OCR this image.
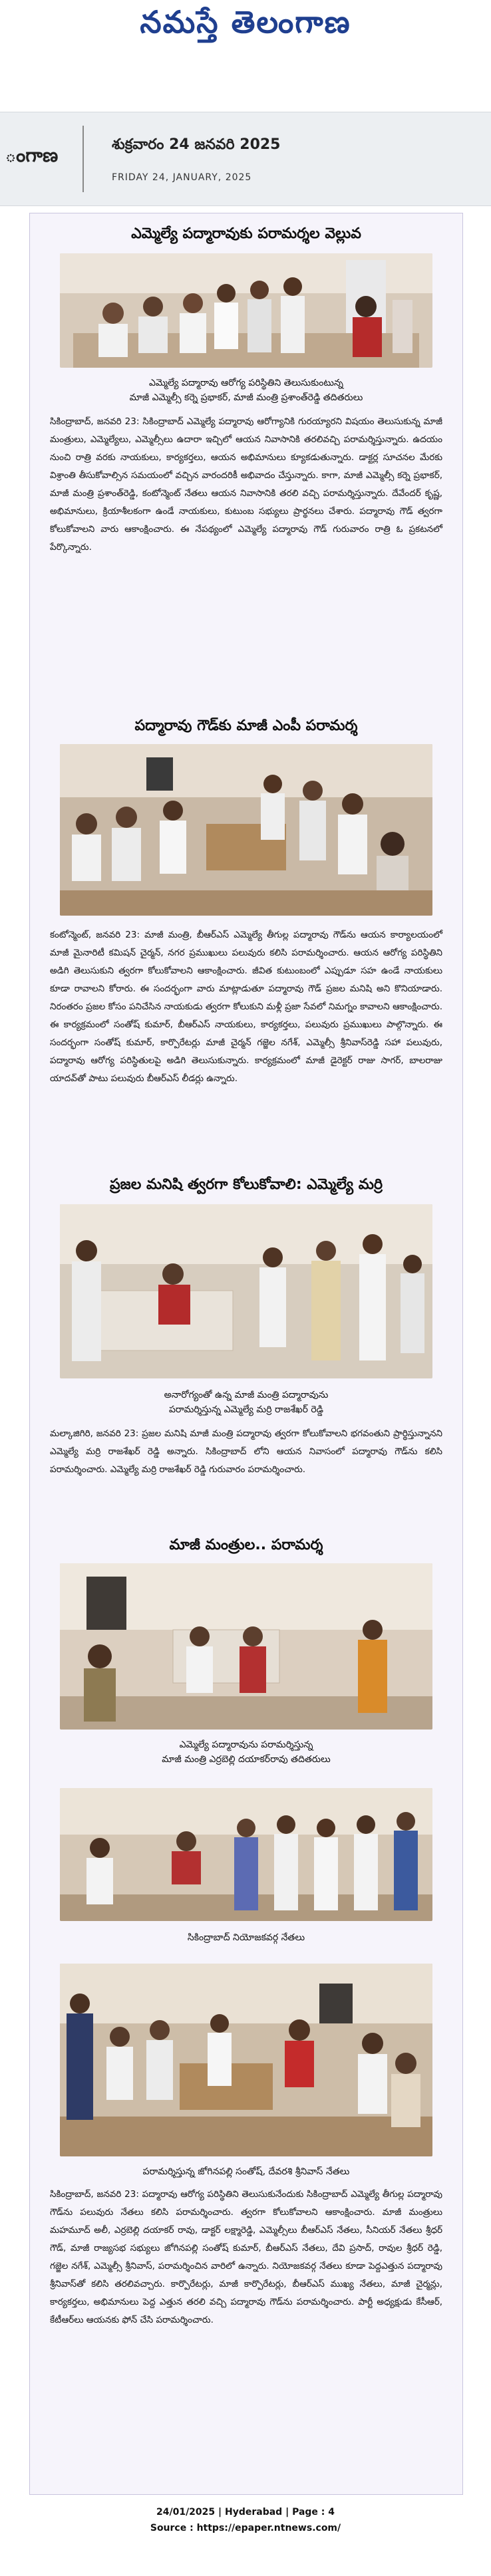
నమస్తే తెలంగాణ
ంగాణ	శుక్రవారం 24 జనవరి 2025
FRIDAY 24, JANUARY, 2025
ఎమ్మెల్యే పద్మారావుకు పరామర్శల వెల్లువ
ఎమ్మెల్యే పద్మారావు ఆరోగ్య పరిస్థితిని తెలుసుకుంటున్న
మాజీ ఎమ్మెల్సీ కర్నె ప్రభాకర్, మాజీ మంత్రి ప్రశాంత్‌రెడ్డి తదితరులు

సికింద్రాబాద్, జనవరి 23: సికింద్రాబాద్ ఎమ్మెల్యే పద్మారావు ఆరోగ్యానికి గురయ్యారని విషయం తెలుసుకున్న మాజీ మంత్రులు, ఎమ్మెల్యేలు, ఎమ్మెల్సీలు ఉదారా ఇచ్చిలో ఆయన నివాసానికి తరలివచ్చి పరామర్శిస్తున్నారు. ఉదయం నుంచి రాత్రి వరకు నాయకులు, కార్యకర్తలు, ఆయన అభిమానులు క్యూకడుతున్నారు. డాక్టర్ల సూచనల మేరకు విశ్రాంతి తీసుకోవాల్సిన సమయంలో వచ్చిన వారందరికీ అభివాదం చేస్తున్నారు. కాగా, మాజీ ఎమ్మెల్సీ కర్నె ప్రభాకర్, మాజీ మంత్రి ప్రశాంత్‌రెడ్డి, కంటోన్మెంట్ నేతలు ఆయన నివాసానికి తరలి వచ్చి పరామర్శిస్తున్నారు. దేవేందర్ కృష్ణ, అభిమానులు, క్రియాశీలకంగా ఉండే నాయకులు, కుటుంబ సభ్యులు ప్రార్థనలు చేశారు. పద్మారావు గౌడ్ త్వరగా కోలుకోవాలని వారు ఆకాంక్షించారు. ఈ నేపథ్యంలో ఎమ్మెల్యే పద్మారావు గౌడ్ గురువారం రాత్రి ఓ ప్రకటనలో పేర్కొన్నారు.

పద్మారావు గౌడ్‌కు మాజీ ఎంపీ పరామర్శ

కంటోన్మెంట్, జనవరి 23: మాజీ మంత్రి, బీఆర్‌ఎస్ ఎమ్మెల్యే తీగుల్ల పద్మారావు గౌడ్‌ను ఆయన కార్యాలయంలో మాజీ మైనారిటీ కమిషన్ చైర్మన్, నగర ప్రముఖులు పలువురు కలిసి పరామర్శించారు. ఆయన ఆరోగ్య పరిస్థితిని అడిగి తెలుసుకుని త్వరగా కోలుకోవాలని ఆకాంక్షించారు. జీవిత కుటుంబంలో ఎప్పుడూ సహ ఉండే నాయకులు కూడా రావాలని కోరారు. ఈ సందర్భంగా వారు మాట్లాడుతూ పద్మారావు గౌడ్ ప్రజల మనిషి అని కొనియాడారు. నిరంతరం ప్రజల కోసం పనిచేసిన నాయకుడు త్వరగా కోలుకుని మళ్లీ ప్రజా సేవలో నిమగ్నం కావాలని ఆకాంక్షించారు. ఈ కార్యక్రమంలో సంతోష్ కుమార్, బీఆర్‌ఎస్ నాయకులు, కార్యకర్తలు, పలువురు ప్రముఖులు పాల్గొన్నారు. ఈ సందర్భంగా సంతోష్ కుమార్, కార్పొరేటర్లు మాజీ చైర్మన్ గజ్జెల నగేశ్, ఎమ్మెల్సీ శ్రీనివాస్‌రెడ్డి సహా పలువురు, పద్మారావు ఆరోగ్య పరిస్థితులపై అడిగి తెలుసుకున్నారు. కార్యక్రమంలో మాజీ డైరెక్టర్ రాజు సాగర్, బాలరాజు యాదవ్‌తో పాటు పలువురు బీఆర్‌ఎస్ లీడర్లు ఉన్నారు.

ప్రజల మనిషి త్వరగా కోలుకోవాలి: ఎమ్మెల్యే మర్రి
అనారోగ్యంతో ఉన్న మాజీ మంత్రి పద్మారావును
పరామర్శిస్తున్న ఎమ్మెల్యే మర్రి రాజశేఖర్ రెడ్డి

మల్కాజిగిరి, జనవరి 23: ప్రజల మనిషి మాజీ మంత్రి పద్మారావు త్వరగా కోలుకోవాలని భగవంతుని ప్రార్థిస్తున్నానని ఎమ్మెల్యే మర్రి రాజశేఖర్ రెడ్డి అన్నారు. సికింద్రాబాద్ లోని ఆయన నివాసంలో పద్మారావు గౌడ్‌ను కలిసి పరామర్శించారు. ఎమ్మెల్యే మర్రి రాజశేఖర్ రెడ్డి గురువారం పరామర్శించారు.

మాజీ మంత్రుల.. పరామర్శ
ఎమ్మెల్యే పద్మారావును పరామర్శిస్తున్న
మాజీ మంత్రి ఎర్రబెల్లి దయాకర్‌రావు తదితరులు
సికింద్రాబాద్ నియోజకవర్గ నేతలు
పరామర్శిస్తున్న జోగినపల్లి సంతోష్, దేవరశి శ్రీనివాస్ నేతలు

సికింద్రాబాద్, జనవరి 23: పద్మారావు ఆరోగ్య పరిస్థితిని తెలుసుకునేందుకు సికింద్రాబాద్ ఎమ్మెల్యే తీగుల్ల పద్మారావు గౌడ్‌ను పలువురు నేతలు కలిసి పరామర్శించారు. త్వరగా కోలుకోవాలని ఆకాంక్షించారు. మాజీ మంత్రులు మహమూద్ అలీ, ఎర్రబెల్లి దయాకర్ రావు, డాక్టర్ లక్ష్మారెడ్డి, ఎమ్మెల్సీలు బీఆర్ఎస్ నేతలు, సీనియర్ నేతలు శ్రీధర్ గౌడ్, మాజీ రాజ్యసభ సభ్యులు జోగినపల్లి సంతోష్ కుమార్, బీఆర్ఎస్ నేతలు, దేవి ప్రసాద్, రావుల శ్రీధర్ రెడ్డి, గజ్జెల నగేశ్, ఎమ్మెల్సీ శ్రీనివాస్, పరామర్శించిన వారిలో ఉన్నారు. నియోజకవర్గ నేతలు కూడా పెద్దఎత్తున పద్మారావు శ్రీనివాస్‌తో కలిసి తరలివచ్చారు. కార్పొరేటర్లు, మాజీ కార్పొరేటర్లు, బీఆర్ఎస్ ముఖ్య నేతలు, మాజీ చైర్మన్లు, కార్యకర్తలు, అభిమానులు పెద్ద ఎత్తున తరలి వచ్చి పద్మారావు గౌడ్‌ను పరామర్శించారు. పార్టీ అధ్యక్షుడు కేసీఆర్, కేటీఆర్‌లు ఆయనకు ఫోన్ చేసి పరామర్శించారు.

24/01/2025 | Hyderabad | Page : 4
Source : https://epaper.ntnews.com/
